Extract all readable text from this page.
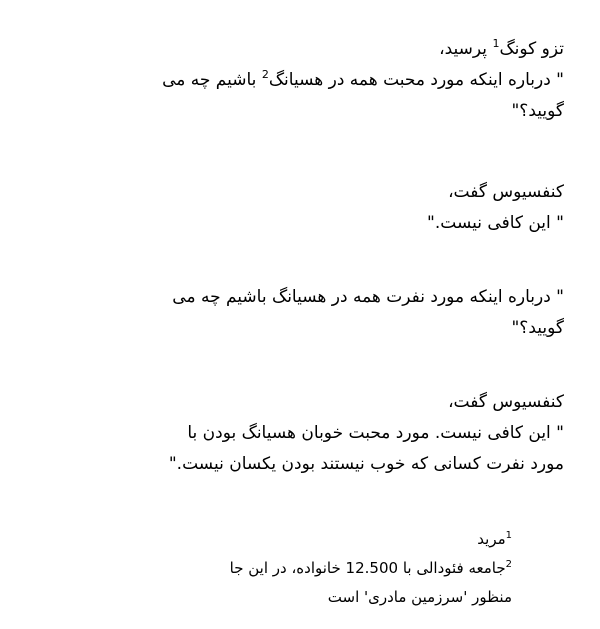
تزو کونگ$^1$ پرسید،
" درباره اینکه مورد محبت همه در هسیانگ$^2$ باشیم چه می
گویید؟"
کنفسیوس گفت،
" این کافی نیست."
" درباره اینکه مورد نفرت همه در هسیانگ باشیم چه می
گویید؟"
کنفسیوس گفت،
" این کافی نیست. مورد محبت خوبان هسیانگ بودن با
مورد نفرت کسانی که خوب نیستند بودن یکسان نیست."
$^1$مرید
$^2$جامعه فئودالی با 12.500 خانواده، در این جا
منظور 'سرزمین مادری' است
